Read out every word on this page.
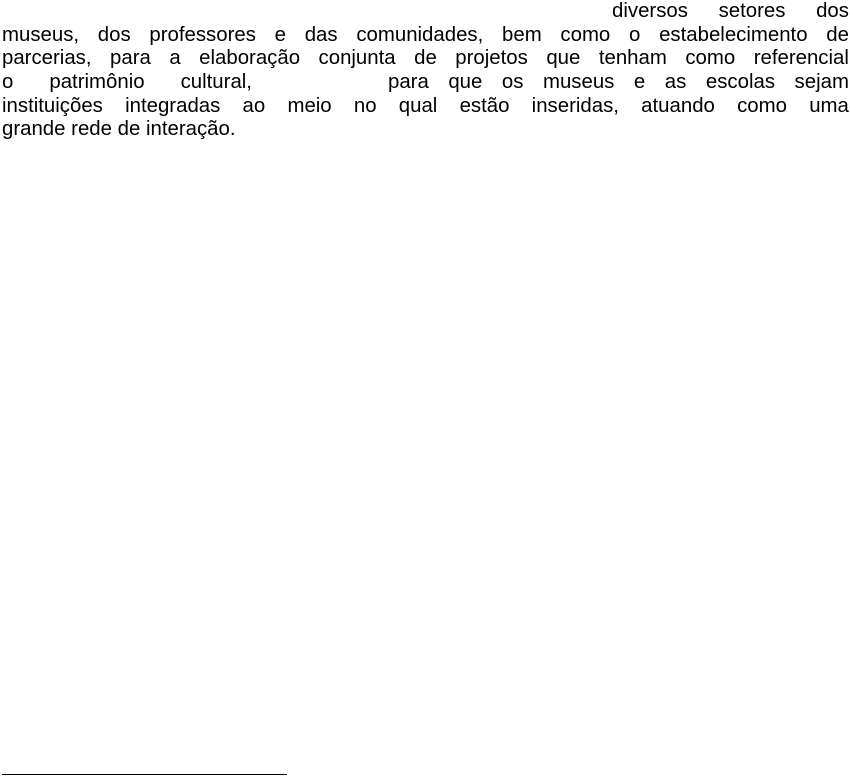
diversos setores dos
museus, dos professores e das comunidades, bem como o estabelecimento de
parcerias, para a elaboração conjunta de projetos que tenham como referencial
o patrimônio cultural,	para que os museus e as escolas sejam
instituições integradas ao meio no qual estão inseridas, atuando como uma
grande rede de interação.
